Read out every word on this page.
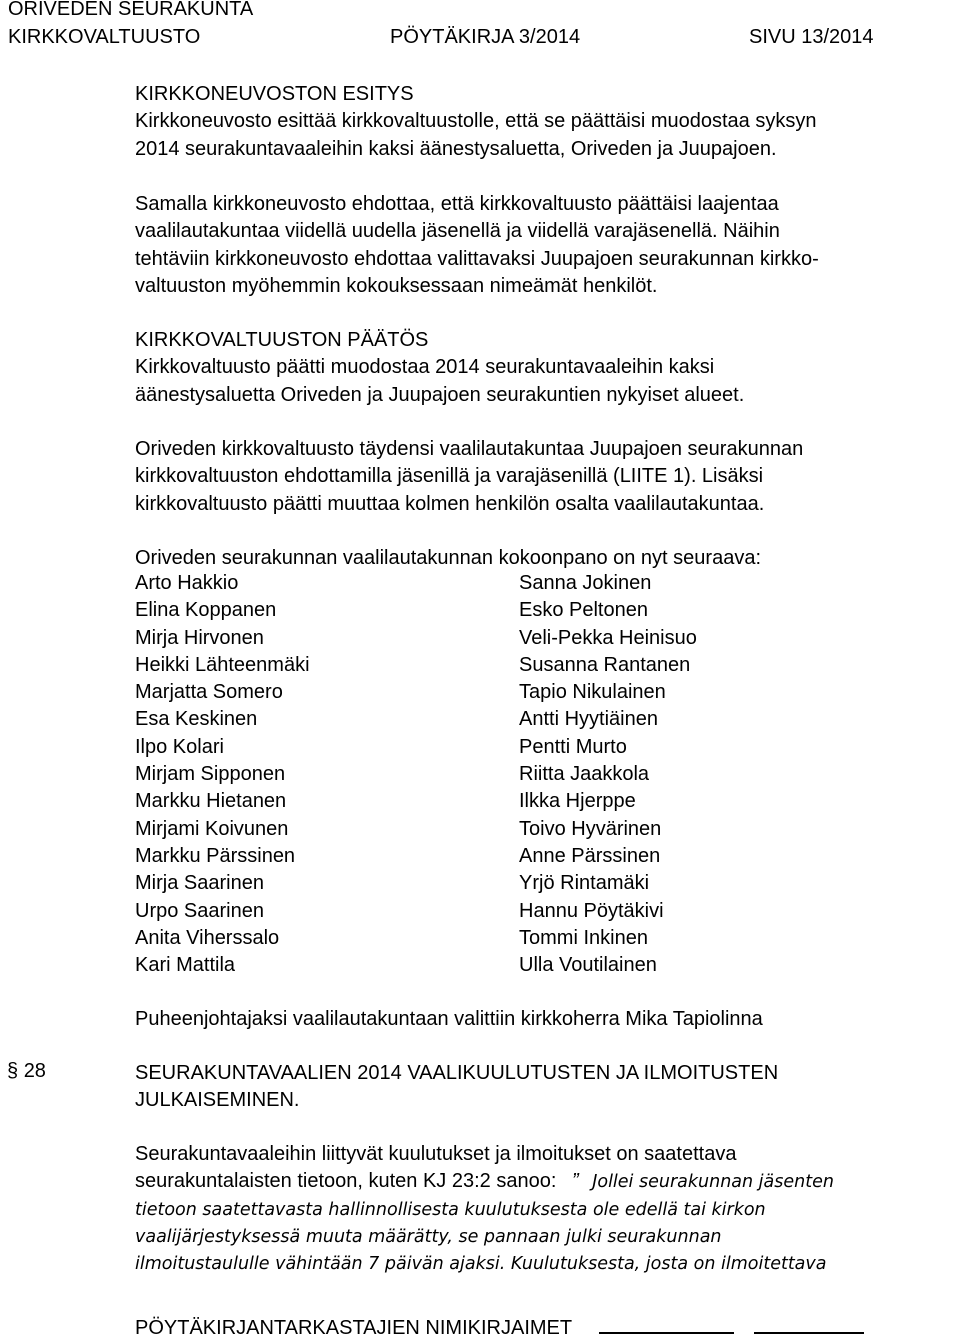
ORIVEDEN SEURAKUNTA
KIRKKOVALTUUSTO	PÖYTÄKIRJA 3/2014	SIVU 13/2014
KIRKKONEUVOSTON ESITYS
Kirkkoneuvosto esittää kirkkovaltuustolle, että se päättäisi muodostaa syksyn
2014 seurakuntavaaleihin kaksi äänestysaluetta, Oriveden ja Juupajoen.
Samalla kirkkoneuvosto ehdottaa, että kirkkovaltuusto päättäisi laajentaa
vaalilautakuntaa viidellä uudella jäsenellä ja viidellä varajäsenellä. Näihin
tehtäviin kirkkoneuvosto ehdottaa valittavaksi Juupajoen seurakunnan kirkko-
valtuuston myöhemmin kokouksessaan nimeämät henkilöt.
KIRKKOVALTUUSTON PÄÄTÖS
Kirkkovaltuusto päätti muodostaa 2014 seurakuntavaaleihin kaksi
äänestysaluetta Oriveden ja Juupajoen seurakuntien nykyiset alueet.
Oriveden kirkkovaltuusto täydensi vaalilautakuntaa Juupajoen seurakunnan
kirkkovaltuuston ehdottamilla jäsenillä ja varajäsenillä (LIITE 1). Lisäksi
kirkkovaltuusto päätti muuttaa kolmen henkilön osalta vaalilautakuntaa.
Oriveden seurakunnan vaalilautakunnan kokoonpano on nyt seuraava:
Arto Hakkio	Sanna Jokinen
Elina Koppanen	Esko Peltonen
Mirja Hirvonen	Veli-Pekka Heinisuo
Heikki Lähteenmäki	Susanna Rantanen
Marjatta Somero	Tapio Nikulainen
Esa Keskinen	Antti Hyytiäinen
Ilpo Kolari	Pentti Murto
Mirjam Sipponen	Riitta Jaakkola
Markku Hietanen	Ilkka Hjerppe
Mirjami Koivunen	Toivo Hyvärinen
Markku Pärssinen	Anne Pärssinen
Mirja Saarinen	Yrjö Rintamäki
Urpo Saarinen	Hannu Pöytäkivi
Anita Viherssalo	Tommi Inkinen
Kari Mattila	Ulla Voutilainen
Puheenjohtajaksi vaalilautakuntaan valittiin kirkkoherra Mika Tapiolinna
§ 28	SEURAKUNTAVAALIEN 2014 VAALIKUULUTUSTEN JA ILMOITUSTEN
JULKAISEMINEN.
Seurakuntavaaleihin liittyvät kuulutukset ja ilmoitukset on saatettava
seurakuntalaisten tietoon, kuten KJ 23:2 sanoo: ” Jollei seurakunnan jäsenten
tietoon saatettavasta hallinnollisesta kuulutuksesta ole edellä tai kirkon
vaalijärjestyksessä muuta määrätty, se pannaan julki seurakunnan
ilmoitustaululle vähintään 7 päivän ajaksi. Kuulutuksesta, josta on ilmoitettava
PÖYTÄKIRJANTARKASTAJIEN NIMIKIRJAIMET
